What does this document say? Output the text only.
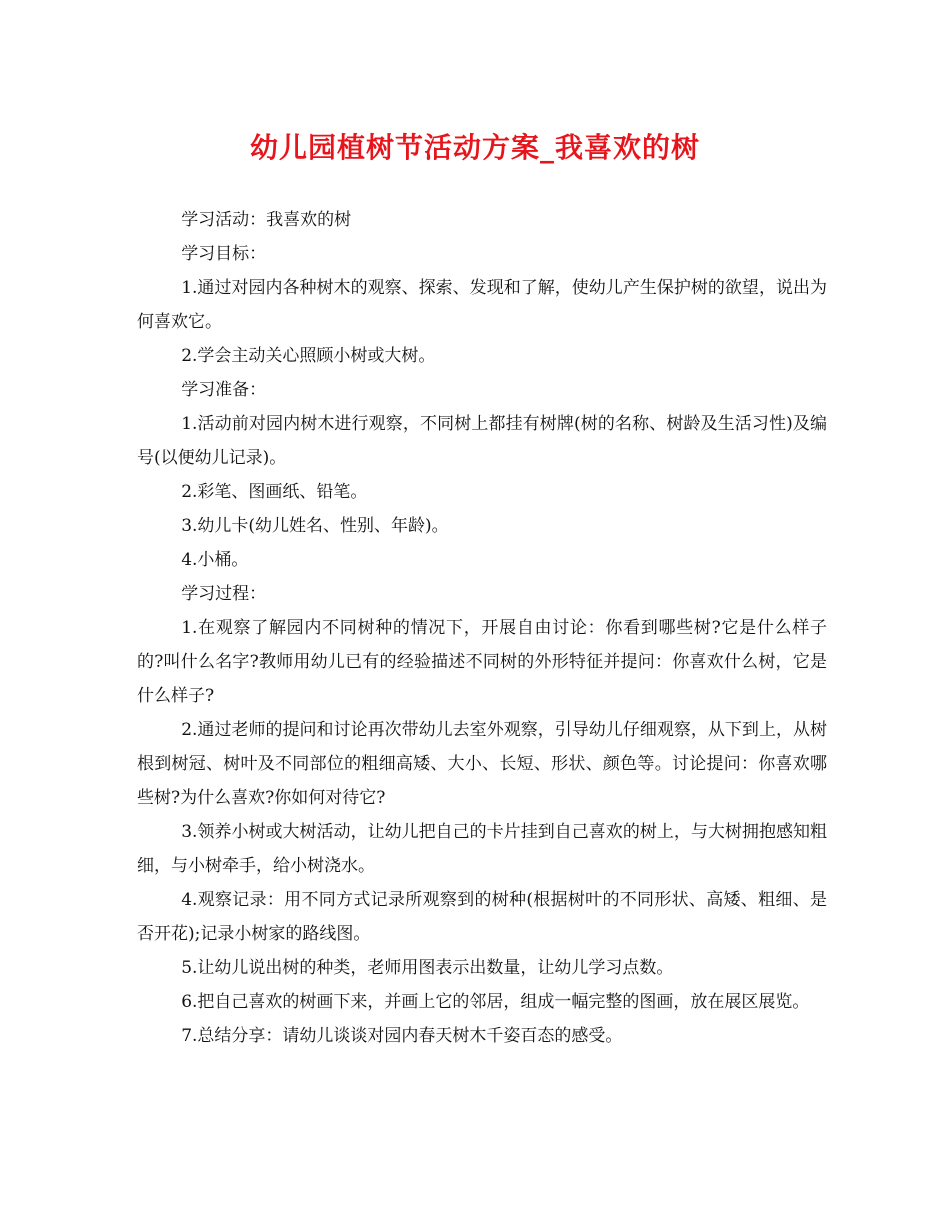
幼儿园植树节活动方案_我喜欢的树

学习活动：我喜欢的树

学习目标：

1.通过对园内各种树木的观察、探索、发现和了解，使幼儿产生保护树的欲望，说出为何喜欢它。

2.学会主动关心照顾小树或大树。

学习准备：

1.活动前对园内树木进行观察，不同树上都挂有树牌(树的名称、树龄及生活习性)及编号(以便幼儿记录)。

2.彩笔、图画纸、铅笔。

3.幼儿卡(幼儿姓名、性别、年龄)。

4.小桶。

学习过程：

1.在观察了解园内不同树种的情况下，开展自由讨论：你看到哪些树?它是什么样子的?叫什么名字?教师用幼儿已有的经验描述不同树的外形特征并提问：你喜欢什么树，它是什么样子?

2.通过老师的提问和讨论再次带幼儿去室外观察，引导幼儿仔细观察，从下到上，从树根到树冠、树叶及不同部位的粗细高矮、大小、长短、形状、颜色等。讨论提问：你喜欢哪些树?为什么喜欢?你如何对待它?

3.领养小树或大树活动，让幼儿把自己的卡片挂到自己喜欢的树上，与大树拥抱感知粗细，与小树牵手，给小树浇水。

4.观察记录：用不同方式记录所观察到的树种(根据树叶的不同形状、高矮、粗细、是否开花);记录小树家的路线图。

5.让幼儿说出树的种类，老师用图表示出数量，让幼儿学习点数。

6.把自己喜欢的树画下来，并画上它的邻居，组成一幅完整的图画，放在展区展览。

7.总结分享：请幼儿谈谈对园内春天树木千姿百态的感受。
